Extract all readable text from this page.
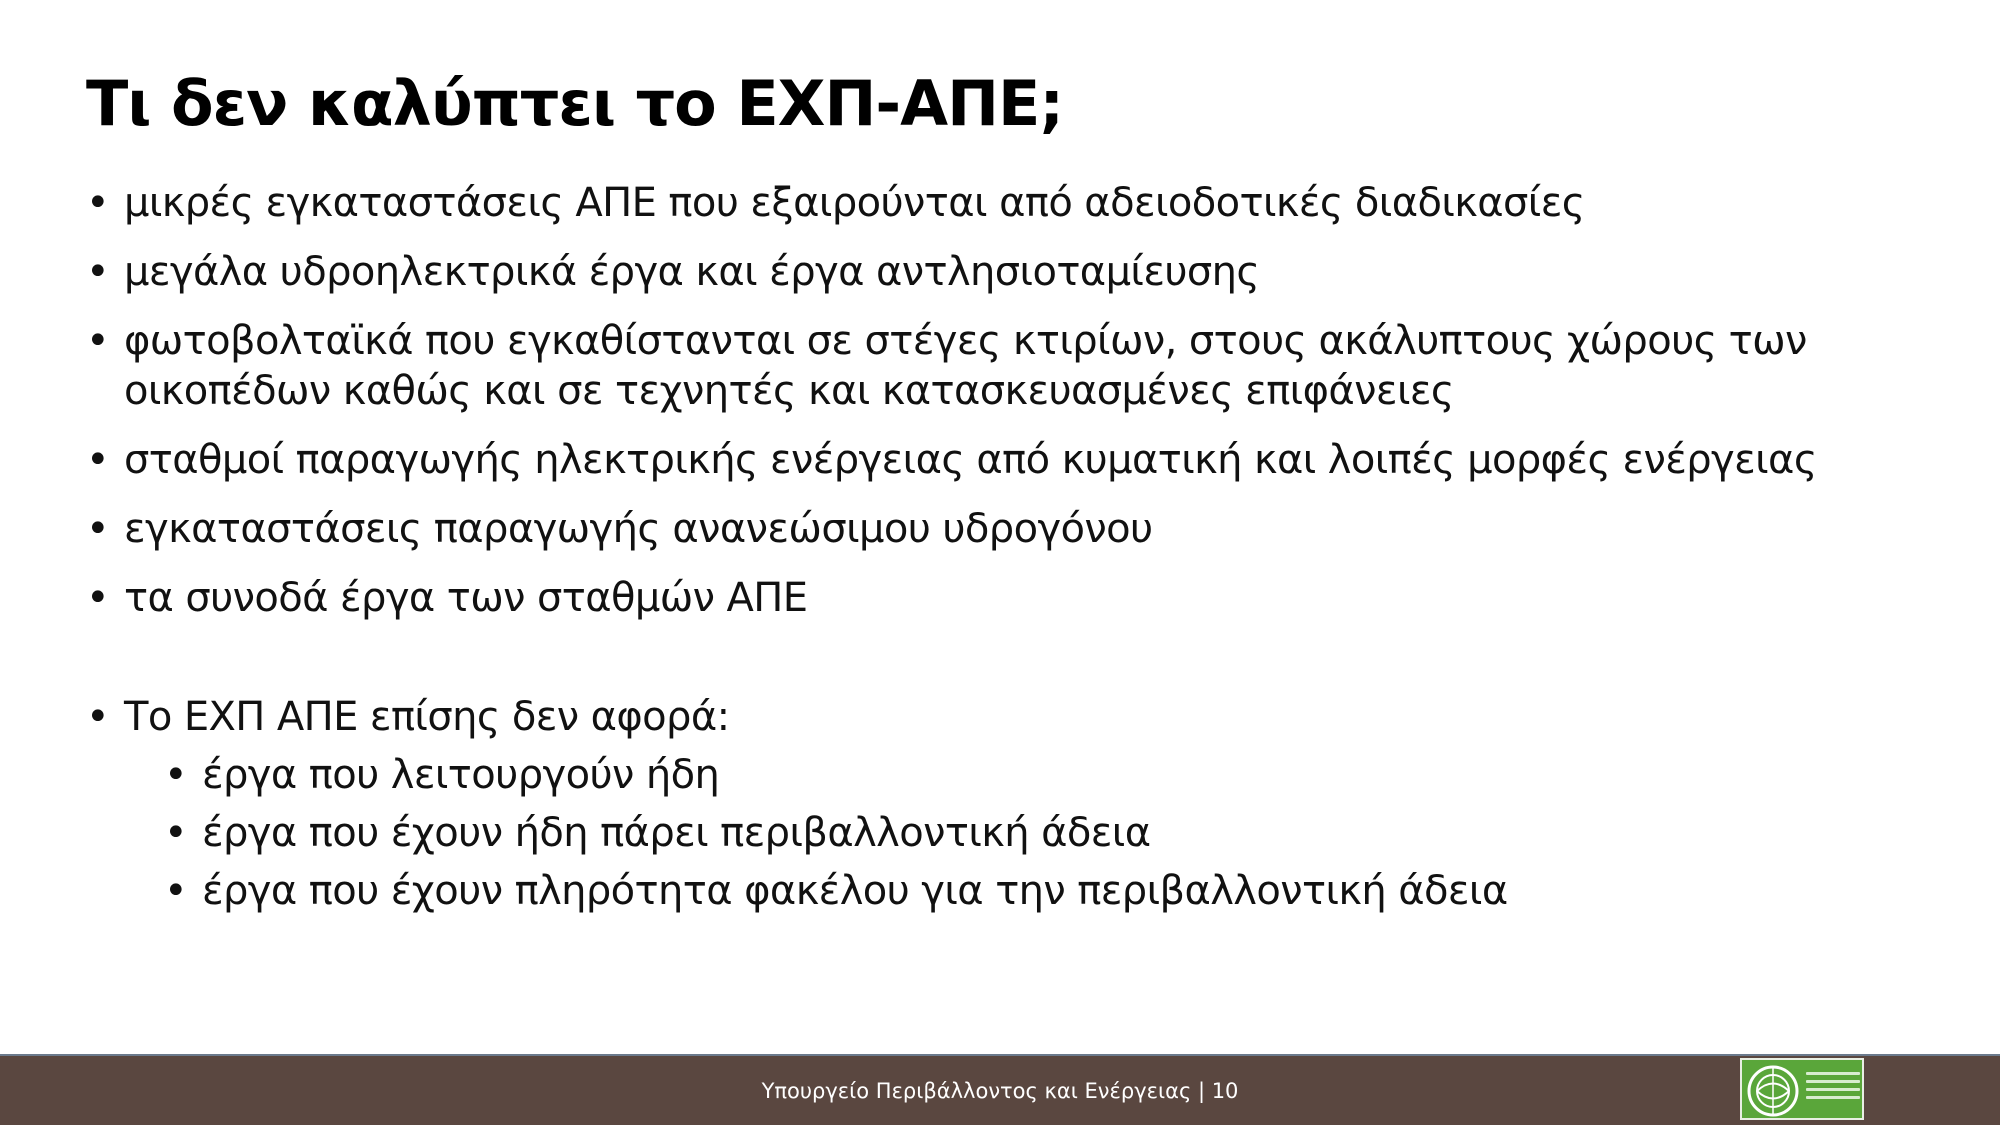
Τι δεν καλύπτει το ΕΧΠ-ΑΠΕ;
• μικρές εγκαταστάσεις ΑΠΕ που εξαιρούνται από αδειοδοτικές διαδικασίες
• μεγάλα υδροηλεκτρικά έργα και έργα αντλησιοταμίευσης
• φωτοβολταϊκά που εγκαθίστανται σε στέγες κτιρίων, στους ακάλυπτους χώρους των οικοπέδων καθώς και σε τεχνητές και κατασκευασμένες επιφάνειες
• σταθμοί παραγωγής ηλεκτρικής ενέργειας από κυματική και λοιπές μορφές ενέργειας
• εγκαταστάσεις παραγωγής ανανεώσιμου υδρογόνου
• τα συνοδά έργα των σταθμών ΑΠΕ
• Το ΕΧΠ ΑΠΕ επίσης δεν αφορά:
• έργα που λειτουργούν ήδη
• έργα που έχουν ήδη πάρει περιβαλλοντική άδεια
• έργα που έχουν πληρότητα φακέλου για την περιβαλλοντική άδεια
Υπουργείο Περιβάλλοντος και Ενέργειας | 10
